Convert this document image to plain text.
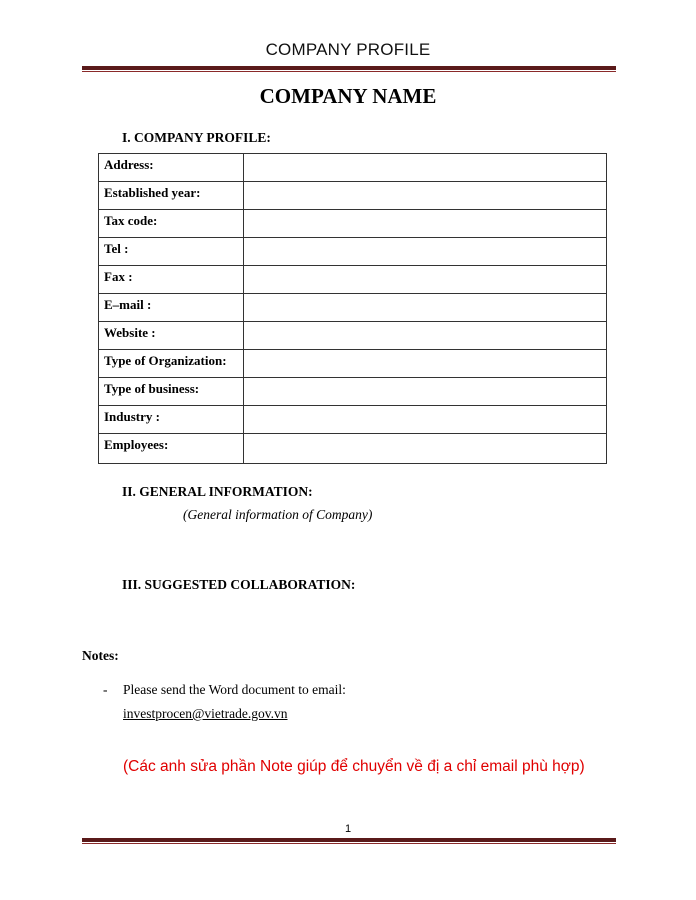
COMPANY PROFILE
COMPANY NAME
I. COMPANY PROFILE:
Address:	
Established year:	
Tax code:	
Tel :	
Fax :	
E–mail :	
Website :	
Type of Organization:	
Type of business:	
Industry :	
Employees:	
II. GENERAL INFORMATION:
(General information of Company)
III. SUGGESTED COLLABORATION:
Notes:
- Please send the Word document to email:
investprocen@vietrade.gov.vn
(Các anh sửa phần Note giúp để chuyển về đị a chỉ email phù hợp)
1
